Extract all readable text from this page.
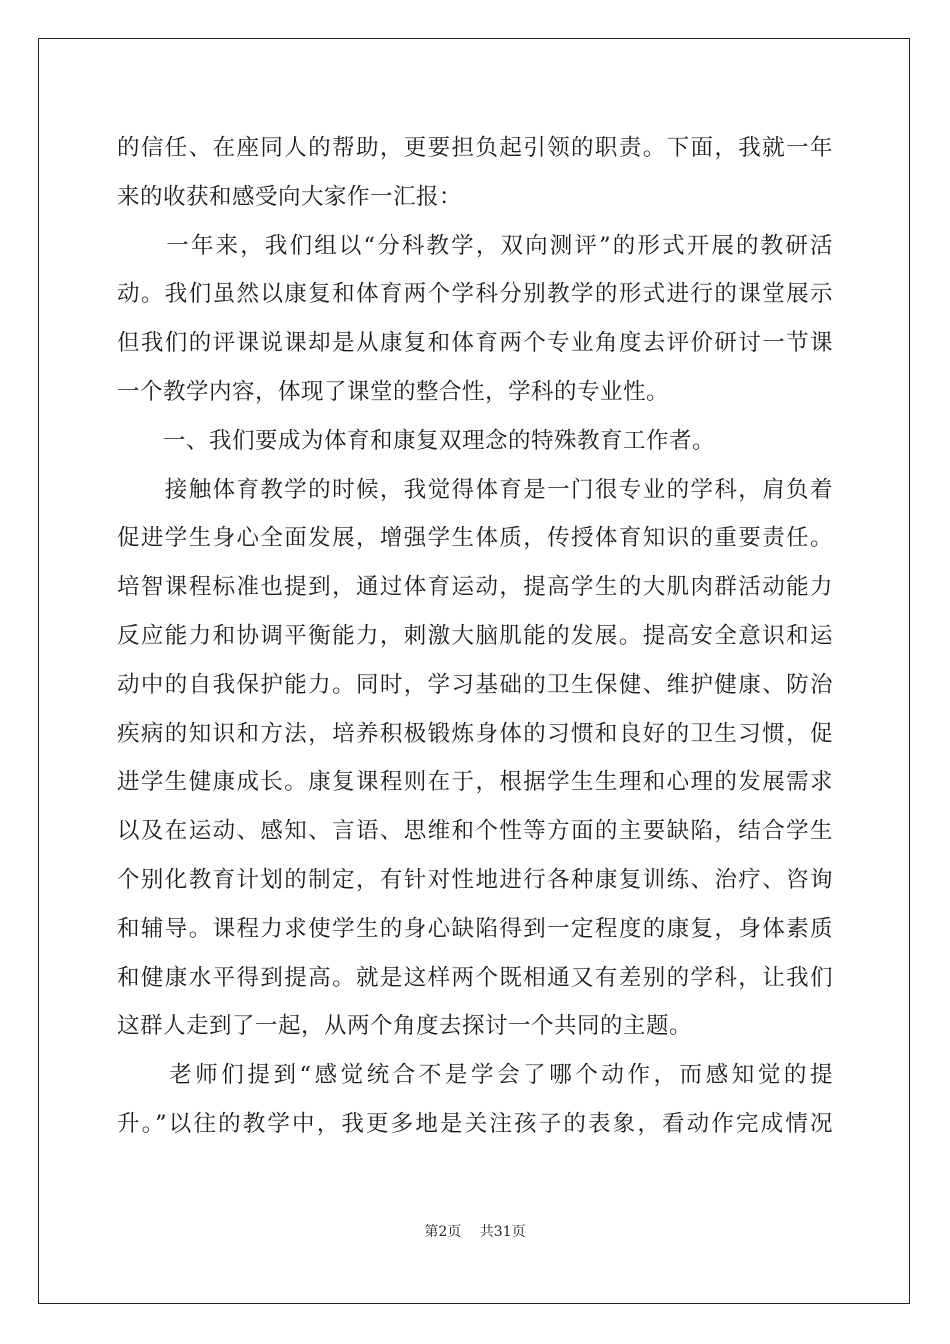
的信任、在座同人的帮助，更要担负起引领的职责。下面，我就一年
来的收获和感受向大家作一汇报：
　　一年来，我们组以“分科教学，双向测评”的形式开展的教研活
动。我们虽然以康复和体育两个学科分别教学的形式进行的课堂展示
但我们的评课说课却是从康复和体育两个专业角度去评价研讨一节课
一个教学内容，体现了课堂的整合性，学科的专业性。
　　一、我们要成为体育和康复双理念的特殊教育工作者。
　　接触体育教学的时候，我觉得体育是一门很专业的学科，肩负着
促进学生身心全面发展，增强学生体质，传授体育知识的重要责任。
培智课程标准也提到，通过体育运动，提高学生的大肌肉群活动能力
反应能力和协调平衡能力，刺激大脑肌能的发展。提高安全意识和运
动中的自我保护能力。同时，学习基础的卫生保健、维护健康、防治
疾病的知识和方法，培养积极锻炼身体的习惯和良好的卫生习惯，促
进学生健康成长。康复课程则在于，根据学生生理和心理的发展需求
以及在运动、感知、言语、思维和个性等方面的主要缺陷，结合学生
个别化教育计划的制定，有针对性地进行各种康复训练、治疗、咨询
和辅导。课程力求使学生的身心缺陷得到一定程度的康复，身体素质
和健康水平得到提高。就是这样两个既相通又有差别的学科，让我们
这群人走到了一起，从两个角度去探讨一个共同的主题。
　　老师们提到“感觉统合不是学会了哪个动作，而感知觉的提
升。”以往的教学中，我更多地是关注孩子的表象，看动作完成情况
第2页 共31页
